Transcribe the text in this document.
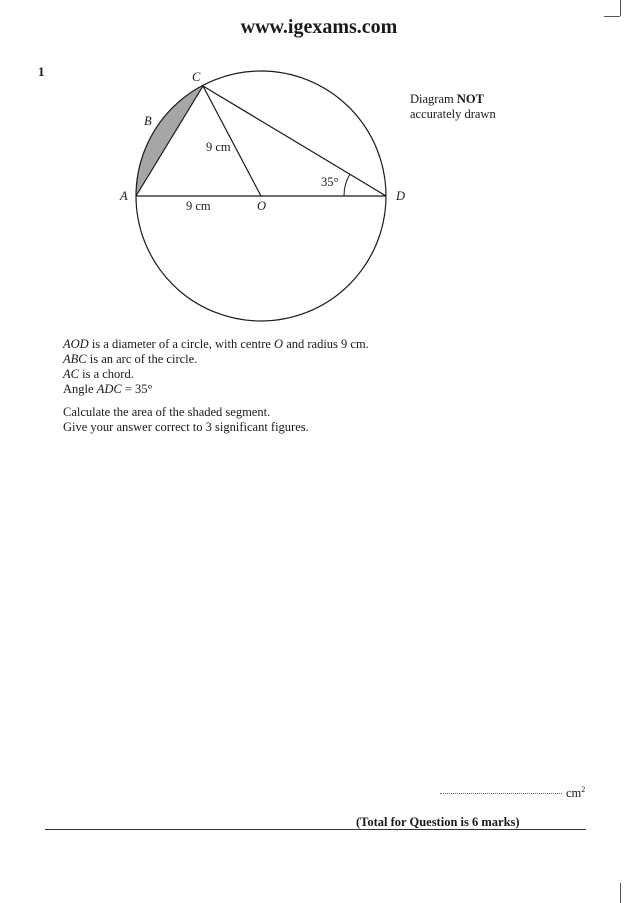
www.igexams.com
1
Diagram NOT
accurately drawn
C
B
A	D
O
9 cm
9 cm
35°

AOD is a diameter of a circle, with centre O and radius 9 cm.

ABC is an arc of the circle.

AC is a chord.

Angle ADC = 35°

Calculate the area of the shaded segment.

Give your answer correct to 3 significant figures.

$cm^2$
(Total for Question is 6 marks)
